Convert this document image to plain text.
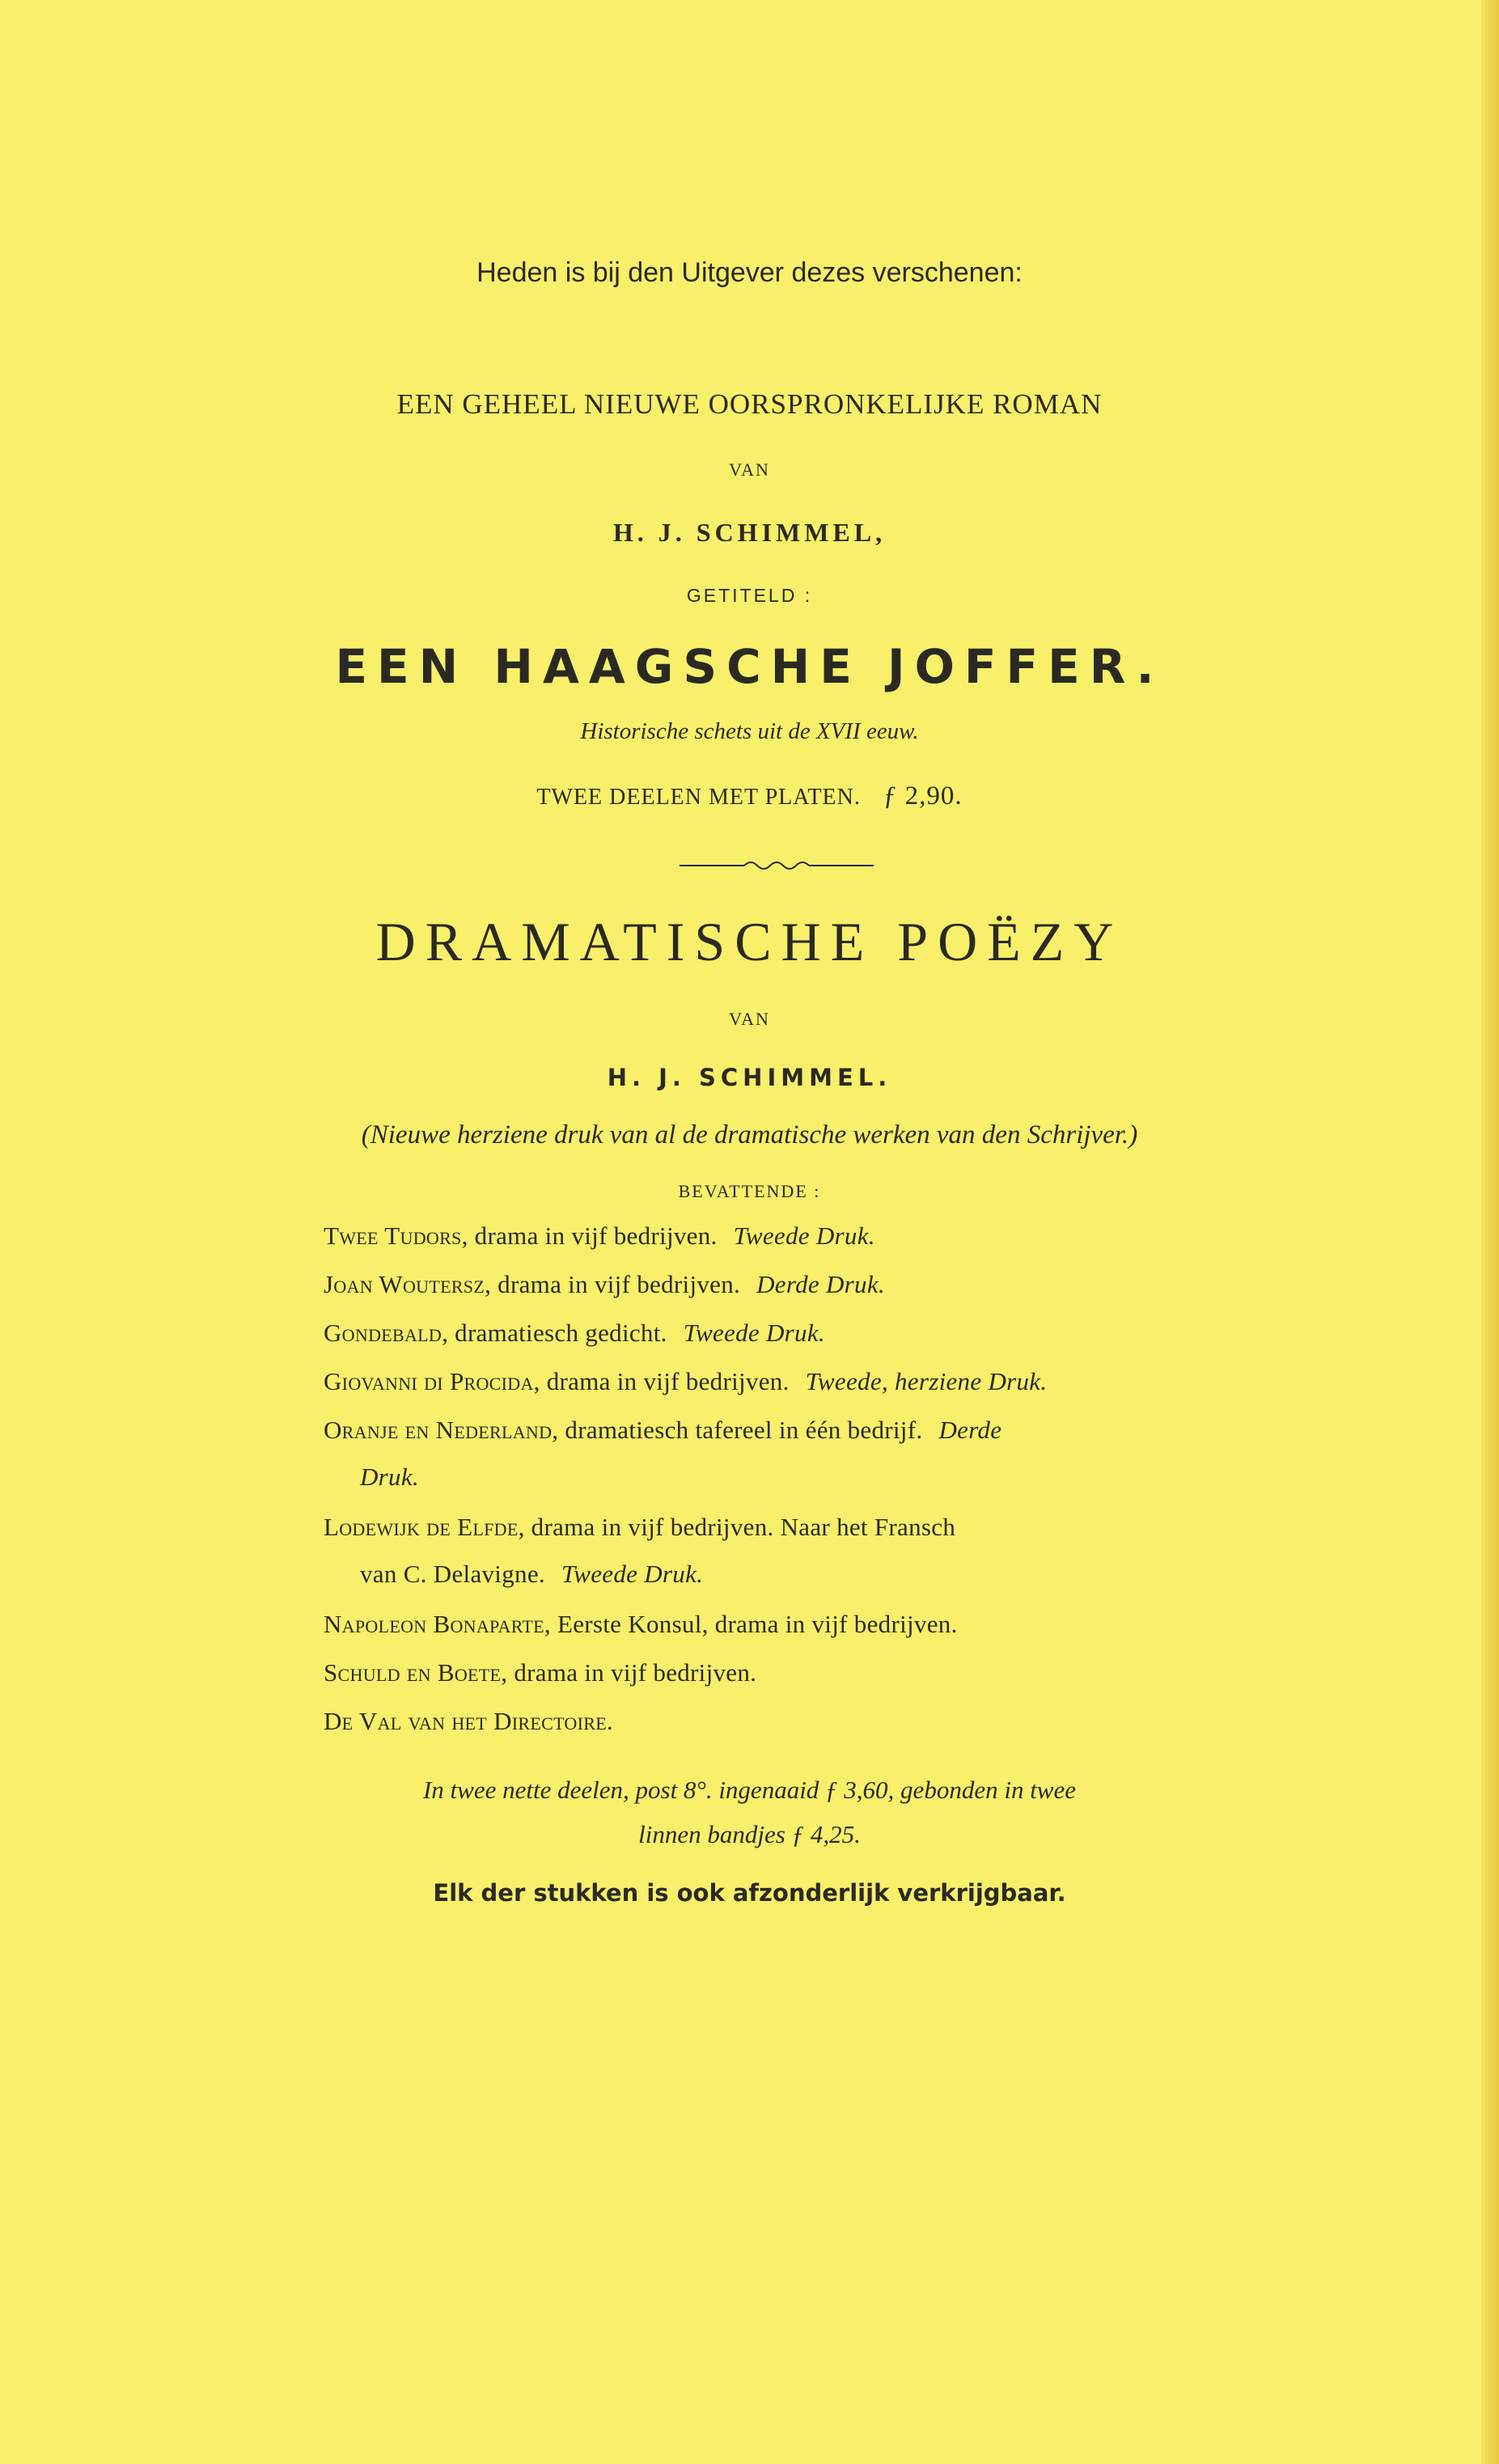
Heden is bij den Uitgever dezes verschenen:
EEN GEHEEL NIEUWE OORSPRONKELIJKE ROMAN
VAN
H. J. SCHIMMEL,
GETITELD :
EEN HAAGSCHE JOFFER.
Historische schets uit de XVII eeuw.
TWEE DEELEN MET PLATEN. ƒ 2,90.
DRAMATISCHE POËZY
VAN
H. J. SCHIMMEL.
(Nieuwe herziene druk van al de dramatische werken van den Schrijver.)
BEVATTENDE :
Twee Tudors, drama in vijf bedrijven. Tweede Druk.
Joan Woutersz, drama in vijf bedrijven. Derde Druk.
Gondebald, dramatiesch gedicht. Tweede Druk.
Giovanni di Procida, drama in vijf bedrijven. Tweede, herziene Druk.
Oranje en Nederland, dramatiesch tafereel in één bedrijf. Derde
Druk.
Lodewijk de Elfde, drama in vijf bedrijven. Naar het Fransch
van C. Delavigne. Tweede Druk.
Napoleon Bonaparte, Eerste Konsul, drama in vijf bedrijven.
Schuld en Boete, drama in vijf bedrijven.
De Val van het Directoire.
In twee nette deelen, post 8°. ingenaaid ƒ 3,60, gebonden in twee
linnen bandjes ƒ 4,25.
Elk der stukken is ook afzonderlijk verkrijgbaar.
